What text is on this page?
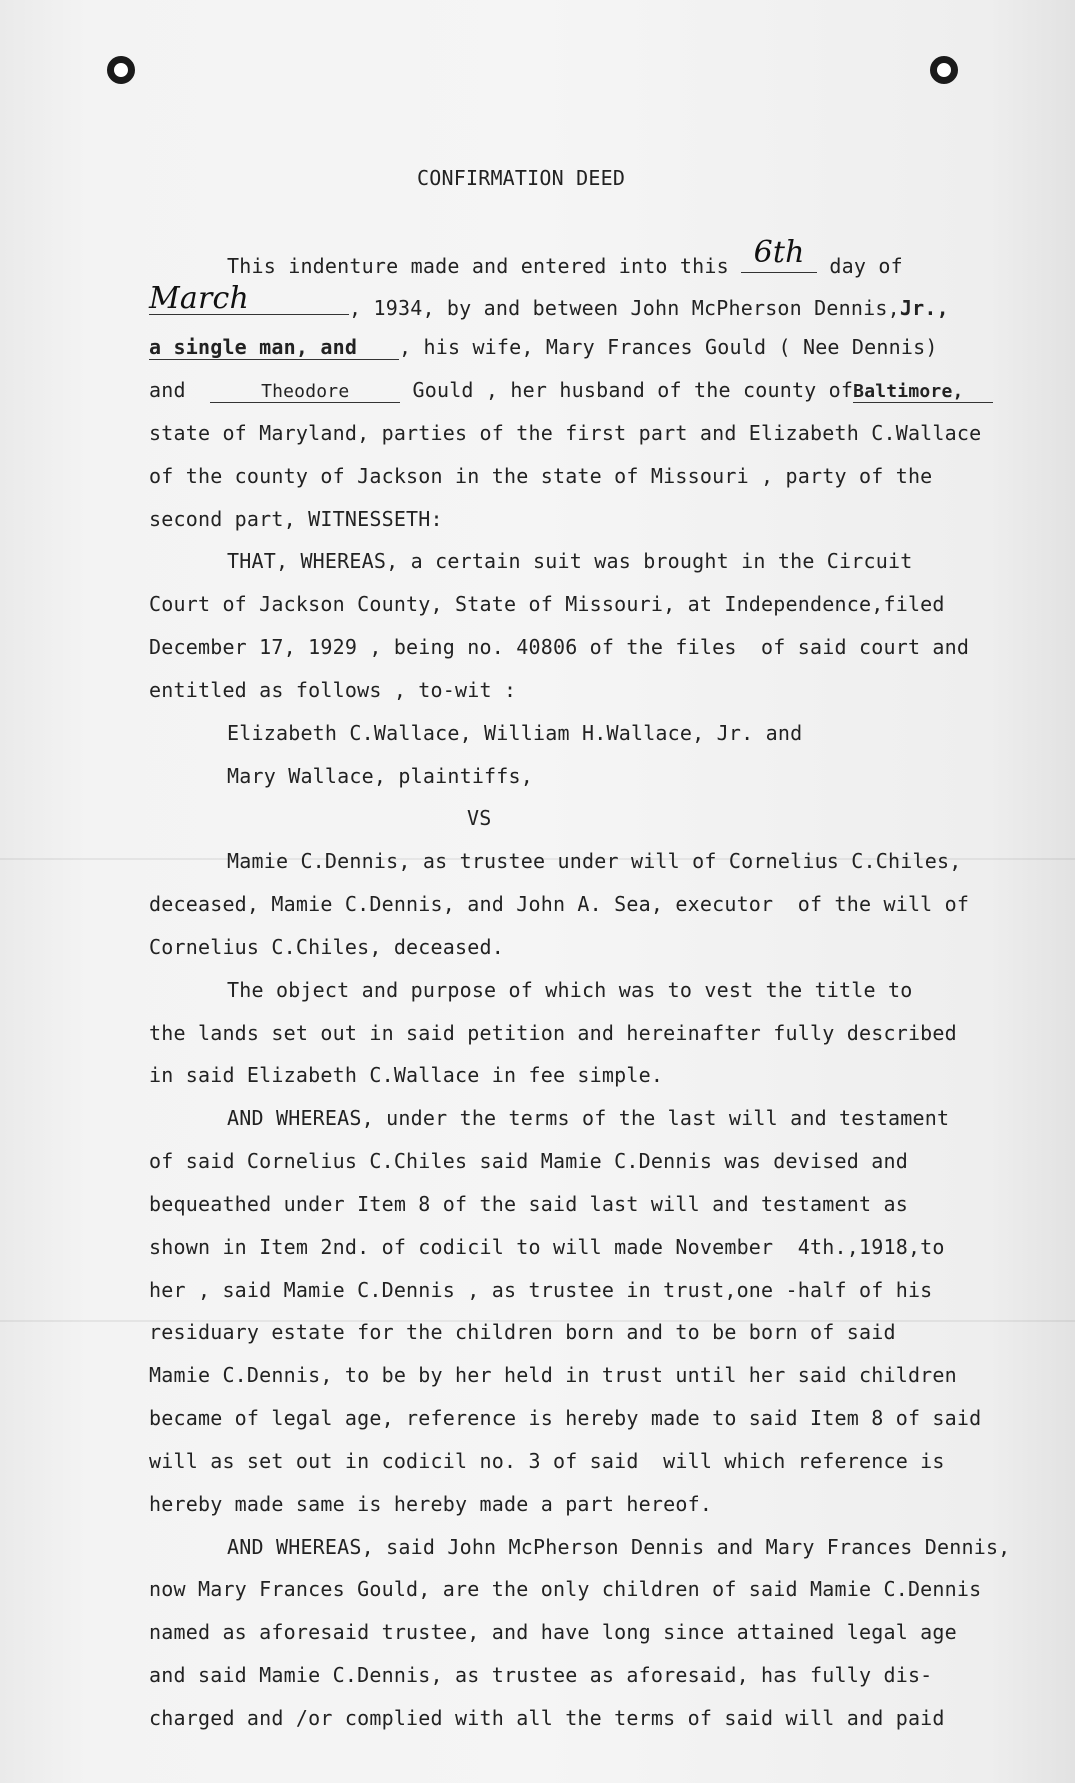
CONFIRMATION DEED
This indenture made and entered into this 6th	day of
March	, 1934, by and between John McPherson Dennis,Jr.,
a single man, and , his wife, Mary Frances Gould ( Nee Dennis)
and	Theodore	Gould , her husband of the county ofBaltimore,
state of Maryland, parties of the first part and Elizabeth C.Wallace
of the county of Jackson in the state of Missouri , party of the
second part, WITNESSETH:
THAT, WHEREAS, a certain suit was brought in the Circuit
Court of Jackson County, State of Missouri, at Independence,filed
December 17, 1929 , being no. 40806 of the files  of said court and
entitled as follows , to-wit :
Elizabeth C.Wallace, William H.Wallace, Jr. and
Mary Wallace, plaintiffs,
VS
Mamie C.Dennis, as trustee under will of Cornelius C.Chiles,
deceased, Mamie C.Dennis, and John A. Sea, executor  of the will of
Cornelius C.Chiles, deceased.
The object and purpose of which was to vest the title to
the lands set out in said petition and hereinafter fully described
in said Elizabeth C.Wallace in fee simple.
AND WHEREAS, under the terms of the last will and testament
of said Cornelius C.Chiles said Mamie C.Dennis was devised and
bequeathed under Item 8 of the said last will and testament as
shown in Item 2nd. of codicil to will made November  4th.,1918,to
her , said Mamie C.Dennis , as trustee in trust,one -half of his
residuary estate for the children born and to be born of said
Mamie C.Dennis, to be by her held in trust until her said children
became of legal age, reference is hereby made to said Item 8 of said
will as set out in codicil no. 3 of said  will which reference is
hereby made same is hereby made a part hereof.
AND WHEREAS, said John McPherson Dennis and Mary Frances Dennis,
now Mary Frances Gould, are the only children of said Mamie C.Dennis
named as aforesaid trustee, and have long since attained legal age
and said Mamie C.Dennis, as trustee as aforesaid, has fully dis-
charged and /or complied with all the terms of said will and paid
